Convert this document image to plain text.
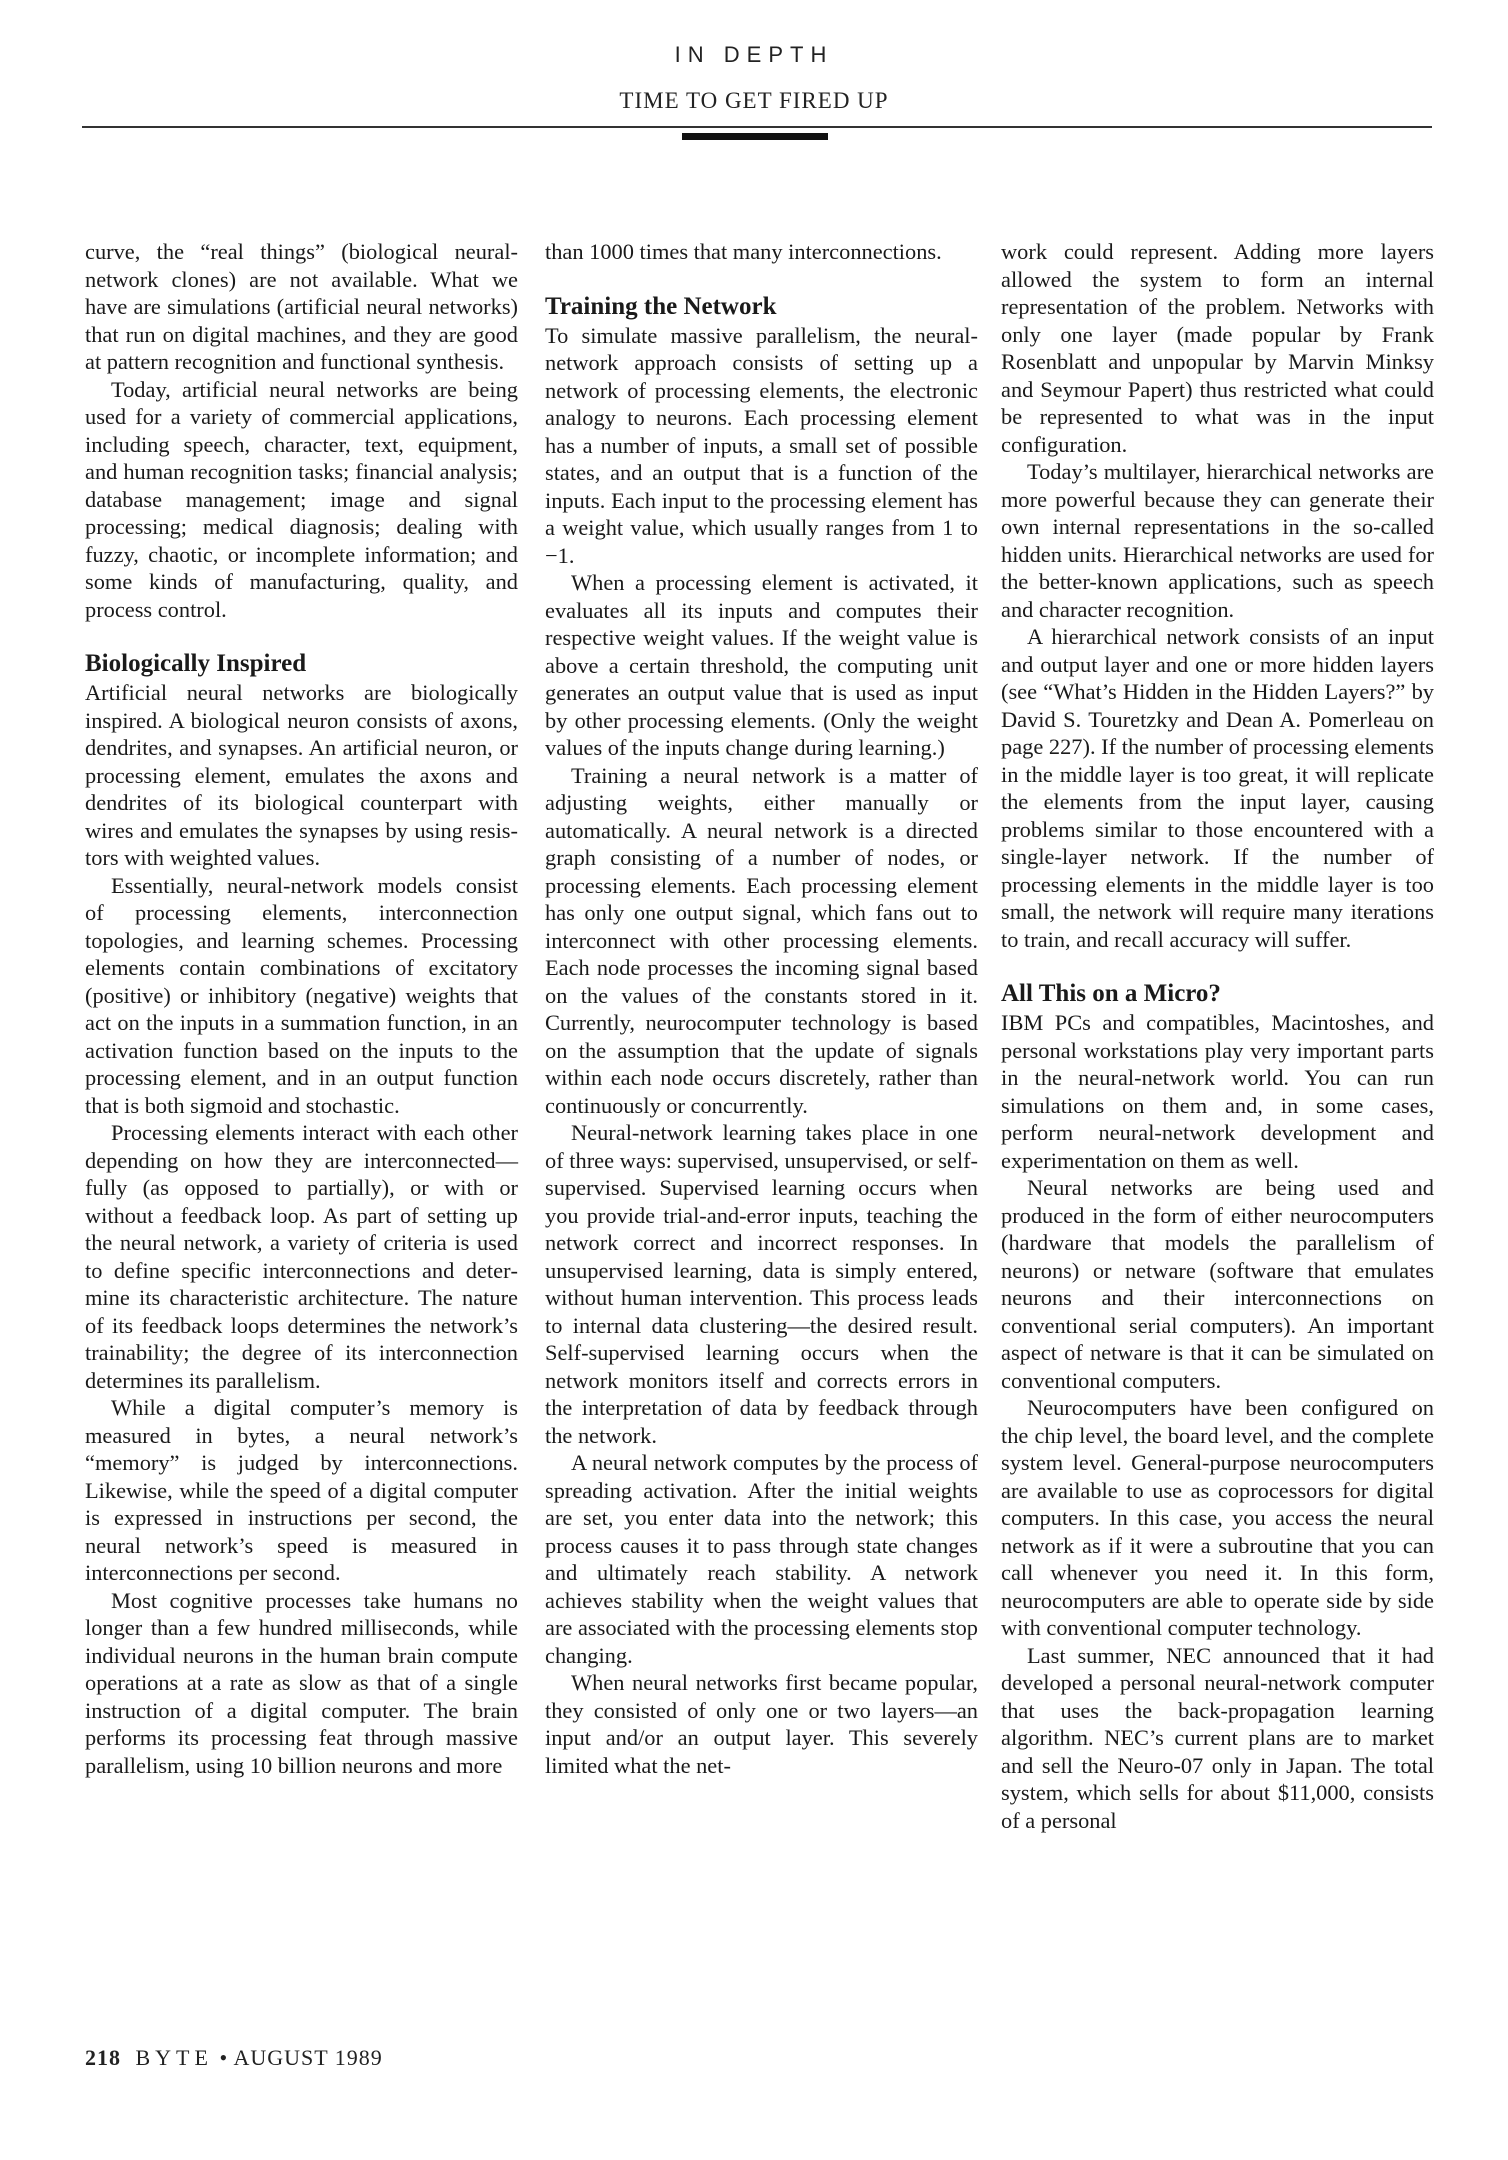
IN DEPTH
TIME TO GET FIRED UP

curve, the “real things” (biological neural-network clones) are not available. What we have are simulations (artificial neural networks) that run on digital machines, and they are good at pattern recognition and functional synthesis.

Today, artificial neural networks are being used for a variety of commercial applications, including speech, character, text, equipment, and human recognition tasks; financial analysis; database management; image and signal processing; medical diagnosis; dealing with fuzzy, chaotic, or incomplete information; and some kinds of manufacturing, quality, and process control.

Biologically Inspired

Artificial neural networks are biologically inspired. A biological neuron consists of axons, dendrites, and synapses. An artificial neuron, or processing element, emulates the axons and dendrites of its biological counterpart with wires and emulates the synapses by using resistors with weighted values.

Essentially, neural-network models consist of processing elements, interconnection topologies, and learning schemes. Processing elements contain combinations of excitatory (positive) or inhibitory (negative) weights that act on the inputs in a summation function, in an activation function based on the inputs to the processing element, and in an output function that is both sigmoid and stochastic.

Processing elements interact with each other depending on how they are interconnected—fully (as opposed to partially), or with or without a feedback loop. As part of setting up the neural network, a variety of criteria is used to define specific interconnections and determine its characteristic architecture. The nature of its feedback loops determines the network’s trainability; the degree of its interconnection determines its parallelism.

While a digital computer’s memory is measured in bytes, a neural network’s “memory” is judged by interconnections. Likewise, while the speed of a digital computer is expressed in instructions per second, the neural network’s speed is measured in interconnections per second.

Most cognitive processes take humans no longer than a few hundred milliseconds, while individual neurons in the human brain compute operations at a rate as slow as that of a single instruction of a digital computer. The brain performs its processing feat through massive parallelism, using 10 billion neurons and more

than 1000 times that many interconnections.

Training the Network

To simulate massive parallelism, the neural-network approach consists of setting up a network of processing elements, the electronic analogy to neurons. Each processing element has a number of inputs, a small set of possible states, and an output that is a function of the inputs. Each input to the processing element has a weight value, which usually ranges from 1 to −1.

When a processing element is activated, it evaluates all its inputs and computes their respective weight values. If the weight value is above a certain threshold, the computing unit generates an output value that is used as input by other processing elements. (Only the weight values of the inputs change during learning.)

Training a neural network is a matter of adjusting weights, either manually or automatically. A neural network is a directed graph consisting of a number of nodes, or processing elements. Each processing element has only one output signal, which fans out to interconnect with other processing elements. Each node processes the incoming signal based on the values of the constants stored in it. Currently, neurocomputer technology is based on the assumption that the update of signals within each node occurs discretely, rather than continuously or concurrently.

Neural-network learning takes place in one of three ways: supervised, unsupervised, or self-supervised. Supervised learning occurs when you provide trial-and-error inputs, teaching the network correct and incorrect responses. In unsupervised learning, data is simply entered, without human intervention. This process leads to internal data clustering—the desired result. Self-supervised learning occurs when the network monitors itself and corrects errors in the interpretation of data by feedback through the network.

A neural network computes by the process of spreading activation. After the initial weights are set, you enter data into the network; this process causes it to pass through state changes and ultimately reach stability. A network achieves stability when the weight values that are associated with the processing elements stop changing.

When neural networks first became popular, they consisted of only one or two layers—an input and/or an output layer. This severely limited what the net-

work could represent. Adding more layers allowed the system to form an internal representation of the problem. Networks with only one layer (made popular by Frank Rosenblatt and unpopular by Marvin Minksy and Seymour Papert) thus restricted what could be represented to what was in the input configuration.

Today’s multilayer, hierarchical networks are more powerful because they can generate their own internal representations in the so-called hidden units. Hierarchical networks are used for the better-known applications, such as speech and character recognition.

A hierarchical network consists of an input and output layer and one or more hidden layers (see “What’s Hidden in the Hidden Layers?” by David S. Touretzky and Dean A. Pomerleau on page 227). If the number of processing elements in the middle layer is too great, it will replicate the elements from the input layer, causing problems similar to those encountered with a single-layer network. If the number of processing elements in the middle layer is too small, the network will require many iterations to train, and recall accuracy will suffer.

All This on a Micro?

IBM PCs and compatibles, Macintoshes, and personal workstations play very important parts in the neural-network world. You can run simulations on them and, in some cases, perform neural-network development and experimentation on them as well.

Neural networks are being used and produced in the form of either neurocomputers (hardware that models the parallelism of neurons) or netware (software that emulates neurons and their interconnections on conventional serial computers). An important aspect of netware is that it can be simulated on conventional computers.

Neurocomputers have been configured on the chip level, the board level, and the complete system level. General-purpose neurocomputers are available to use as coprocessors for digital computers. In this case, you access the neural network as if it were a subroutine that you can call whenever you need it. In this form, neurocomputers are able to operate side by side with conventional computer technology.

Last summer, NEC announced that it had developed a personal neural-network computer that uses the back-propagation learning algorithm. NEC’s current plans are to market and sell the Neuro-07 only in Japan. The total system, which sells for about $11,000, consists of a personal

218 BYTE • AUGUST 1989
